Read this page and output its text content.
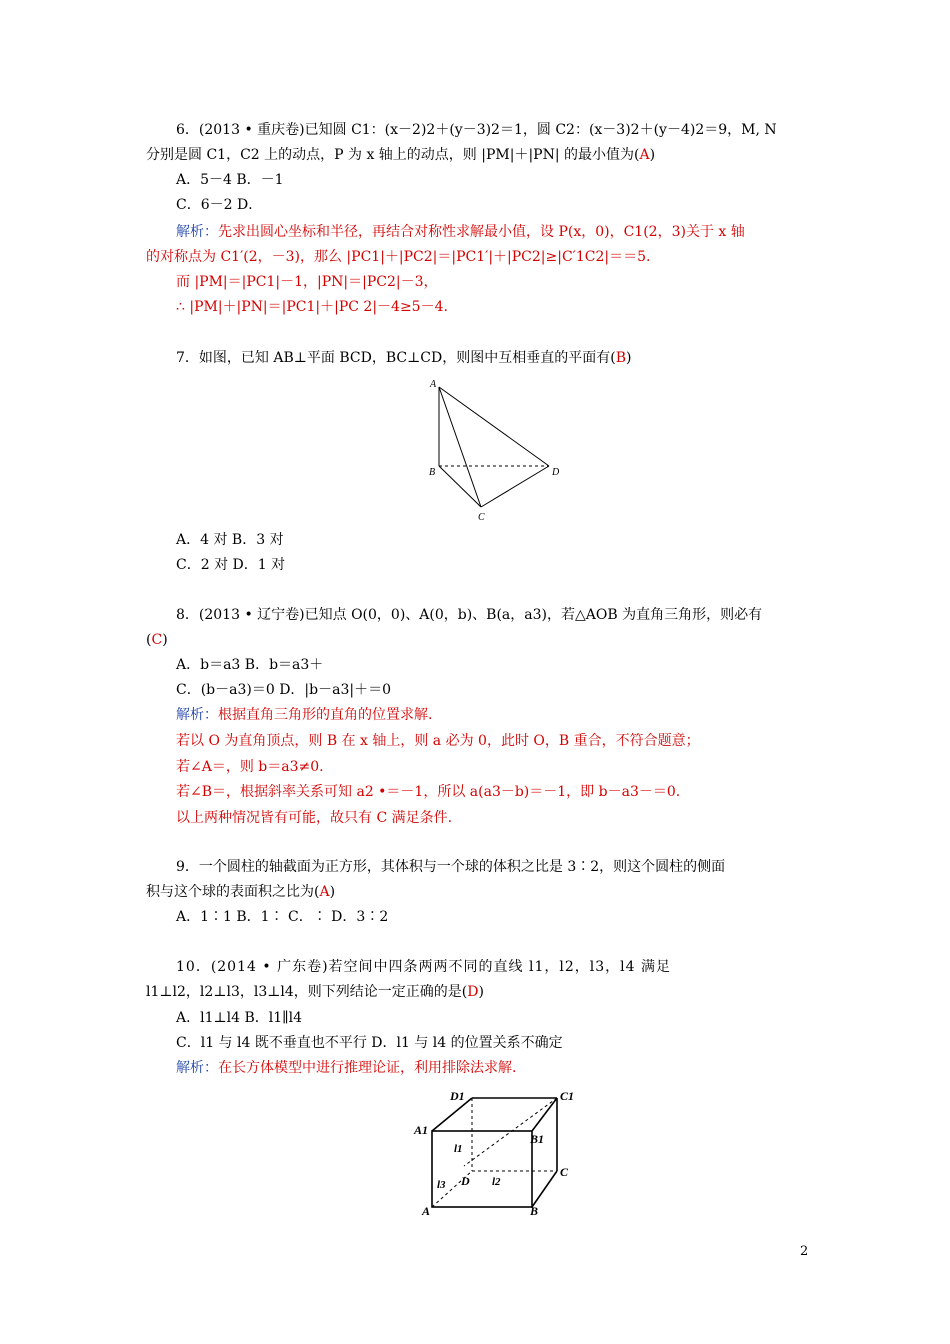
6．(2013 • 重庆卷)已知圆 C1：(x－2)2＋(y－3)2＝1，圆 C2：(x－3)2＋(y－4)2＝9，M, N
分别是圆 C1，C2 上的动点，P 为 x 轴上的动点，则 |PM|＋|PN| 的最小值为(A)
A．5－4 B．－1
C．6－2 D．
解析：先求出圆心坐标和半径，再结合对称性求解最小值，设 P(x，0)，C1(2，3)关于 x 轴
的对称点为 C1′(2，－3)，那么 |PC1|＋|PC2|＝|PC1′|＋|PC2|≥|C′1C2|＝＝5.
而 |PM|＝|PC1|－1，|PN|＝|PC2|－3，
∴ |PM|＋|PN|＝|PC1|＋|PC 2|－4≥5－4.
7．如图，已知 AB⊥平面 BCD，BC⊥CD，则图中互相垂直的平面有(B)
A
B
C
D
A．4 对 B．3 对
C．2 对 D．1 对
8．(2013 • 辽宁卷)已知点 O(0，0)、A(0，b)、B(a，a3)，若△AOB 为直角三角形，则必有
(C)
A．b＝a3 B．b＝a3＋
C．(b－a3)＝0 D．|b－a3|＋＝0
解析：根据直角三角形的直角的位置求解.
若以 O 为直角顶点，则 B 在 x 轴上，则 a 必为 0，此时 O，B 重合，不符合题意；
若∠A＝，则 b＝a3≠0.
若∠B＝，根据斜率关系可知 a2 •＝－1，所以 a(a3－b)＝－1，即 b－a3－＝0.
以上两种情况皆有可能，故只有 C 满足条件.
9．一个圆柱的轴截面为正方形，其体积与一个球的体积之比是 3∶2，则这个圆柱的侧面
积与这个球的表面积之比为(A)
A．1∶1 B．1∶ C．∶ D．3∶2
10．(2014 • 广东卷)若空间中四条两两不同的直线 l1，l2，l3，l4 满足
l1⊥l2，l2⊥l3，l3⊥l4，则下列结论一定正确的是(D)
A．l1⊥l4 B．l1∥l4
C．l1 与 l4 既不垂直也不平行 D．l1 与 l4 的位置关系不确定
解析：在长方体模型中进行推理论证，利用排除法求解.
D1	C1
A1
B1
l1
C
D l2
l3
A	B
2
